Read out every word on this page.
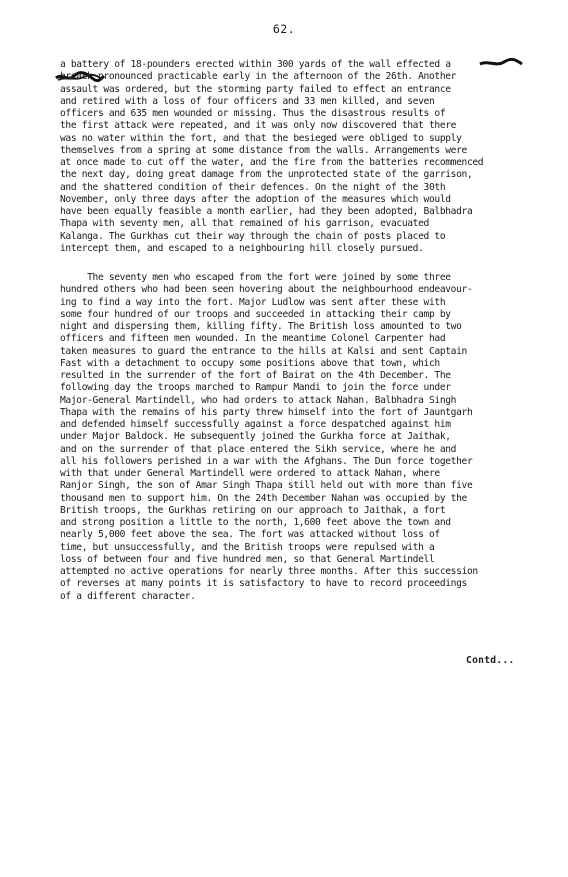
62.
a battery of 18-pounders erected within 300 yards of the wall effected a
breach pronounced practicable early in the afternoon of the 26th. Another
assault was ordered, but the storming party failed to effect an entrance
and retired with a loss of four officers and 33 men killed, and seven
officers and 635 men wounded or missing. Thus the disastrous results of
the first attack were repeated, and it was only now discovered that there
was no water within the fort, and that the besieged were obliged to supply
themselves from a spring at some distance from the walls. Arrangements were
at once made to cut off the water, and the fire from the batteries recommenced
the next day, doing great damage from the unprotected state of the garrison,
and the shattered condition of their defences. On the night of the 30th
November, only three days after the adoption of the measures which would
have been equally feasible a month earlier, had they been adopted, Balbhadra
Thapa with seventy men, all that remained of his garrison, evacuated
Kalanga. The Gurkhas cut their way through the chain of posts placed to
intercept them, and escaped to a neighbouring hill closely pursued.
The seventy men who escaped from the fort were joined by some three
hundred others who had been seen hovering about the neighbourhood endeavour-
ing to find a way into the fort. Major Ludlow was sent after these with
some four hundred of our troops and succeeded in attacking their camp by
night and dispersing them, killing fifty. The British loss amounted to two
officers and fifteen men wounded. In the meantime Colonel Carpenter had
taken measures to guard the entrance to the hills at Kalsi and sent Captain
Fast with a detachment to occupy some positions above that town, which
resulted in the surrender of the fort of Bairat on the 4th December. The
following day the troops marched to Rampur Mandi to join the force under
Major-General Martindell, who had orders to attack Nahan. Balbhadra Singh
Thapa with the remains of his party threw himself into the fort of Jauntgarh
and defended himself successfully against a force despatched against him
under Major Baldock. He subsequently joined the Gurkha force at Jaithak,
and on the surrender of that place entered the Sikh service, where he and
all his followers perished in a war with the Afghans. The Dun force together
with that under General Martindell were ordered to attack Nahan, where
Ranjor Singh, the son of Amar Singh Thapa still held out with more than five
thousand men to support him. On the 24th December Nahan was occupied by the
British troops, the Gurkhas retiring on our approach to Jaithak, a fort
and strong position a little to the north, 1,600 feet above the town and
nearly 5,000 feet above the sea. The fort was attacked without loss of
time, but unsuccessfully, and the British troops were repulsed with a
loss of between four and five hundred men, so that General Martindell
attempted no active operations for nearly three months. After this succession
of reverses at many points it is satisfactory to have to record proceedings
of a different character.
Contd...
